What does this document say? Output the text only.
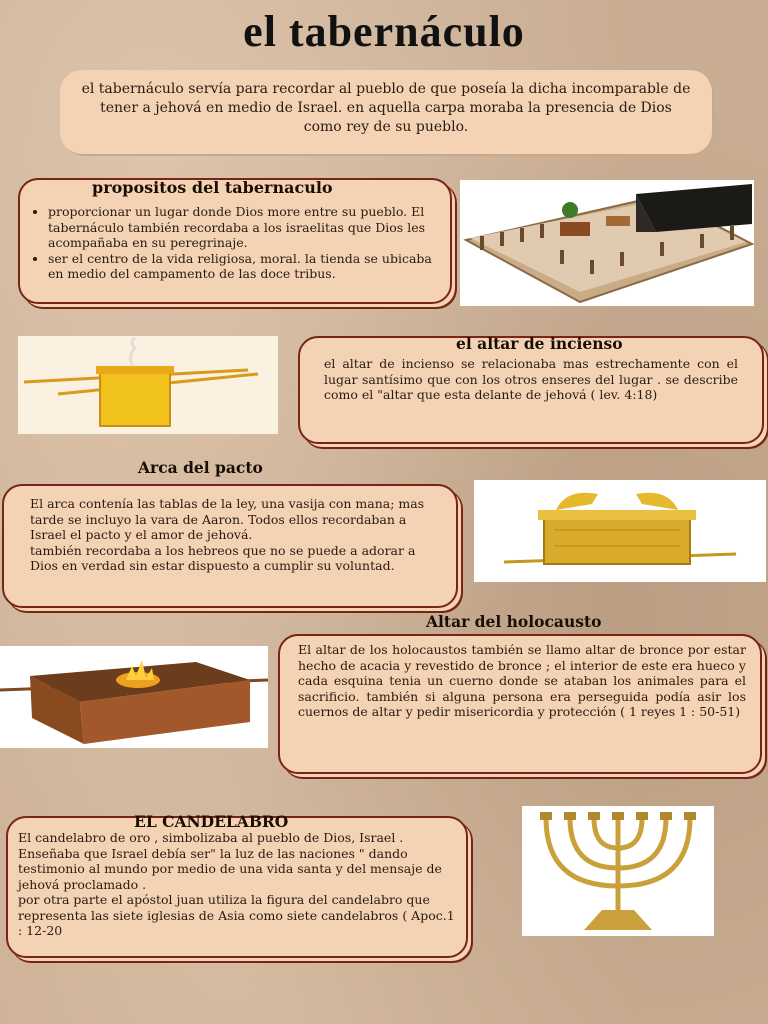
el tabernáculo
el tabernáculo servía para recordar al pueblo de que poseía la dicha incomparable de tener a jehová en medio de Israel. en aquella carpa moraba la presencia de Dios como rey de su pueblo.
• proporcionar un lugar donde Dios more entre su pueblo. El tabernáculo también recordaba a los israelitas que Dios les acompañaba en su peregrinaje.
• ser el centro de la vida religiosa, moral. la tienda se ubicaba en medio del campamento de las doce tribus.
propositos del tabernaculo
el altar de incienso se relacionaba mas estrechamente con el lugar santísimo que con los otros enseres del lugar . se describe como el "altar que esta delante de jehová ( lev. 4:18)
el altar de incienso
Arca del pacto
El arca contenía las tablas de la ley, una vasija con mana; mas tarde se incluyo la vara de Aaron. Todos ellos recordaban a Israel el pacto y el amor de jehová.
también recordaba a los hebreos que no se puede a adorar a Dios en verdad sin estar dispuesto a cumplir su voluntad.
Altar del holocausto
El altar de los holocaustos también se llamo altar de bronce por estar hecho de acacia y revestido de bronce ; el interior de este era hueco y cada esquina tenia un cuerno donde se ataban los animales para el sacrificio. también si alguna persona era perseguida podía asir los cuernos de altar y pedir misericordia y protección ( 1 reyes 1 : 50-51)
El candelabro de oro , simbolizaba al pueblo de Dios, Israel . Enseñaba que Israel debía ser" la luz de las naciones " dando testimonio al mundo por medio de una vida santa y del mensaje de jehová proclamado .
por otra parte el apóstol juan utiliza la figura del candelabro que representa las siete iglesias de Asia como siete candelabros ( Apoc.1 : 12-20
EL CANDELABRO
